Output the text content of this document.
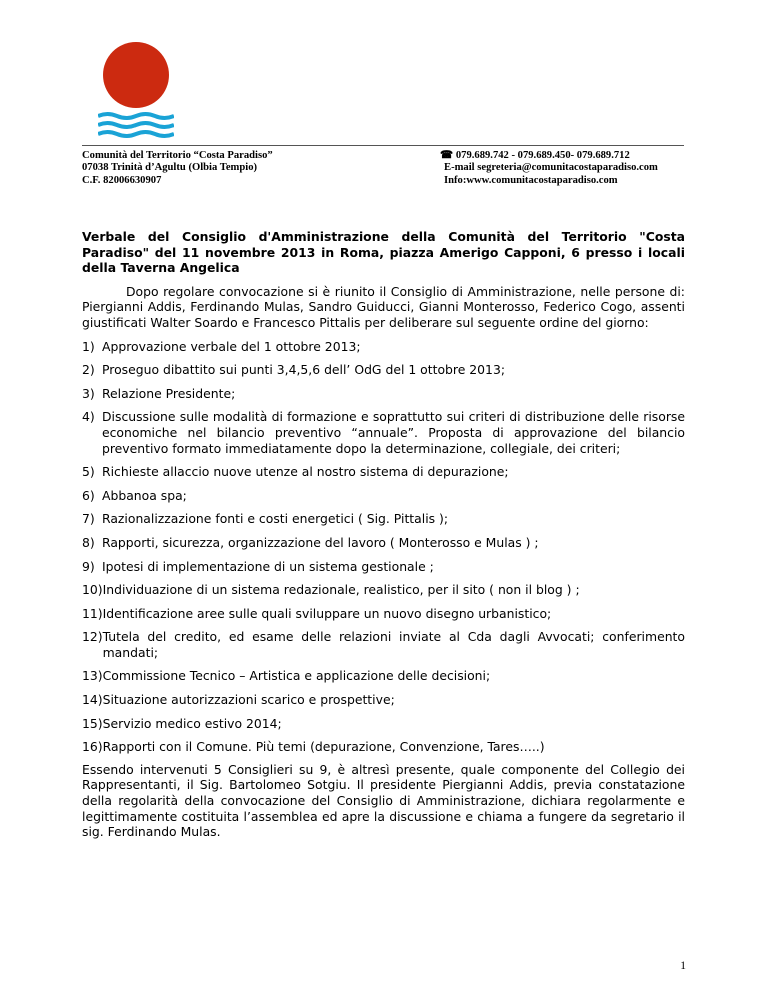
Comunità del Territorio “Costa Paradiso”
07038 Trinità d’Agultu (Olbia Tempio)
C.F. 82006630907
☎ 079.689.742 - 079.689.450- 079.689.712
E-mail segreteria@comunitacostaparadiso.com
Info:www.comunitacostaparadiso.com
Verbale del Consiglio d'Amministrazione della Comunità del Territorio "Costa Paradiso" del 11 novembre 2013 in Roma, piazza Amerigo Capponi, 6 presso i locali della Taverna Angelica
Dopo regolare convocazione si è riunito il Consiglio di Amministrazione, nelle persone di: Piergianni Addis, Ferdinando Mulas, Sandro Guiducci, Gianni Monterosso, Federico Cogo, assenti giustificati Walter Soardo e Francesco Pittalis per deliberare sul seguente ordine del giorno:
1) Approvazione verbale del 1 ottobre 2013;
2) Proseguo dibattito sui punti 3,4,5,6 dell’ OdG del 1 ottobre 2013;
3) Relazione Presidente;
4) Discussione sulle modalità di formazione e soprattutto sui criteri di distribuzione delle risorse economiche nel bilancio preventivo “annuale”. Proposta di approvazione del bilancio preventivo formato immediatamente dopo la determinazione, collegiale, dei criteri;
5) Richieste allaccio nuove utenze al nostro sistema di depurazione;
6) Abbanoa spa;
7) Razionalizzazione fonti e costi energetici ( Sig. Pittalis );
8) Rapporti, sicurezza, organizzazione del lavoro ( Monterosso e Mulas ) ;
9) Ipotesi di implementazione di un sistema gestionale ;
10) Individuazione di un sistema redazionale, realistico, per il sito ( non il blog ) ;
11) Identificazione aree sulle quali sviluppare un nuovo disegno urbanistico;
12) Tutela del credito, ed esame delle relazioni inviate al Cda dagli Avvocati; conferimento mandati;
13) Commissione Tecnico – Artistica e applicazione delle decisioni;
14) Situazione autorizzazioni scarico e prospettive;
15) Servizio medico estivo 2014;
16) Rapporti con il Comune. Più temi (depurazione, Convenzione, Tares…..)
Essendo intervenuti 5 Consiglieri su 9, è altresì presente, quale componente del Collegio dei Rappresentanti, il Sig. Bartolomeo Sotgiu. Il presidente Piergianni Addis, previa constatazione della regolarità della convocazione del Consiglio di Amministrazione, dichiara regolarmente e legittimamente costituita l’assemblea ed apre la discussione e chiama a fungere da segretario il sig. Ferdinando Mulas.
1
